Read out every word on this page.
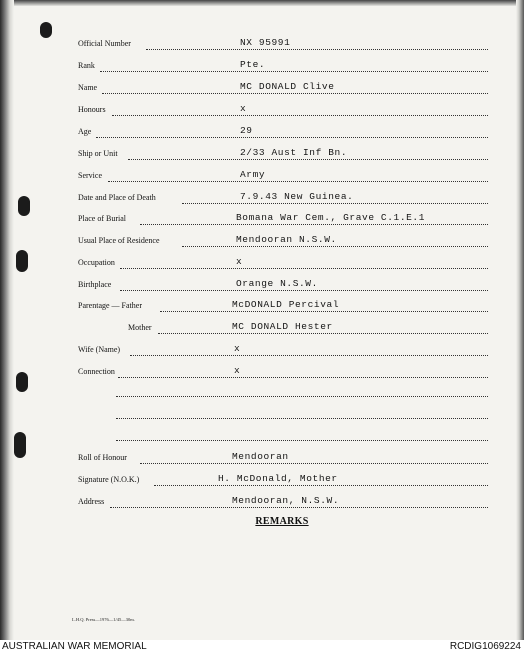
Official Number	NX 95991
Rank	Pte.
Name	MC DONALD Clive
Honours	x
Age	29
Ship or Unit	2/33 Aust Inf Bn.
Service	Army
Date and Place of Death	7.9.43 New Guinea.
Place of Burial	Bomana War Cem., Grave C.1.E.1
Usual Place of Residence	Mendooran N.S.W.
Occupation	x
Birthplace	Orange N.S.W.
Parentage — Father	McDONALD Percival
Mother	MC DONALD Hester
Wife (Name)	x
Connection	x
Roll of Honour	Mendooran
Signature (N.O.K.)	H. McDonald, Mother
Address	Mendooran, N.S.W.
REMARKS
L.H.Q. Press—1976—1/45—30m.
AUSTRALIAN WAR MEMORIAL	RCDIG1069224
